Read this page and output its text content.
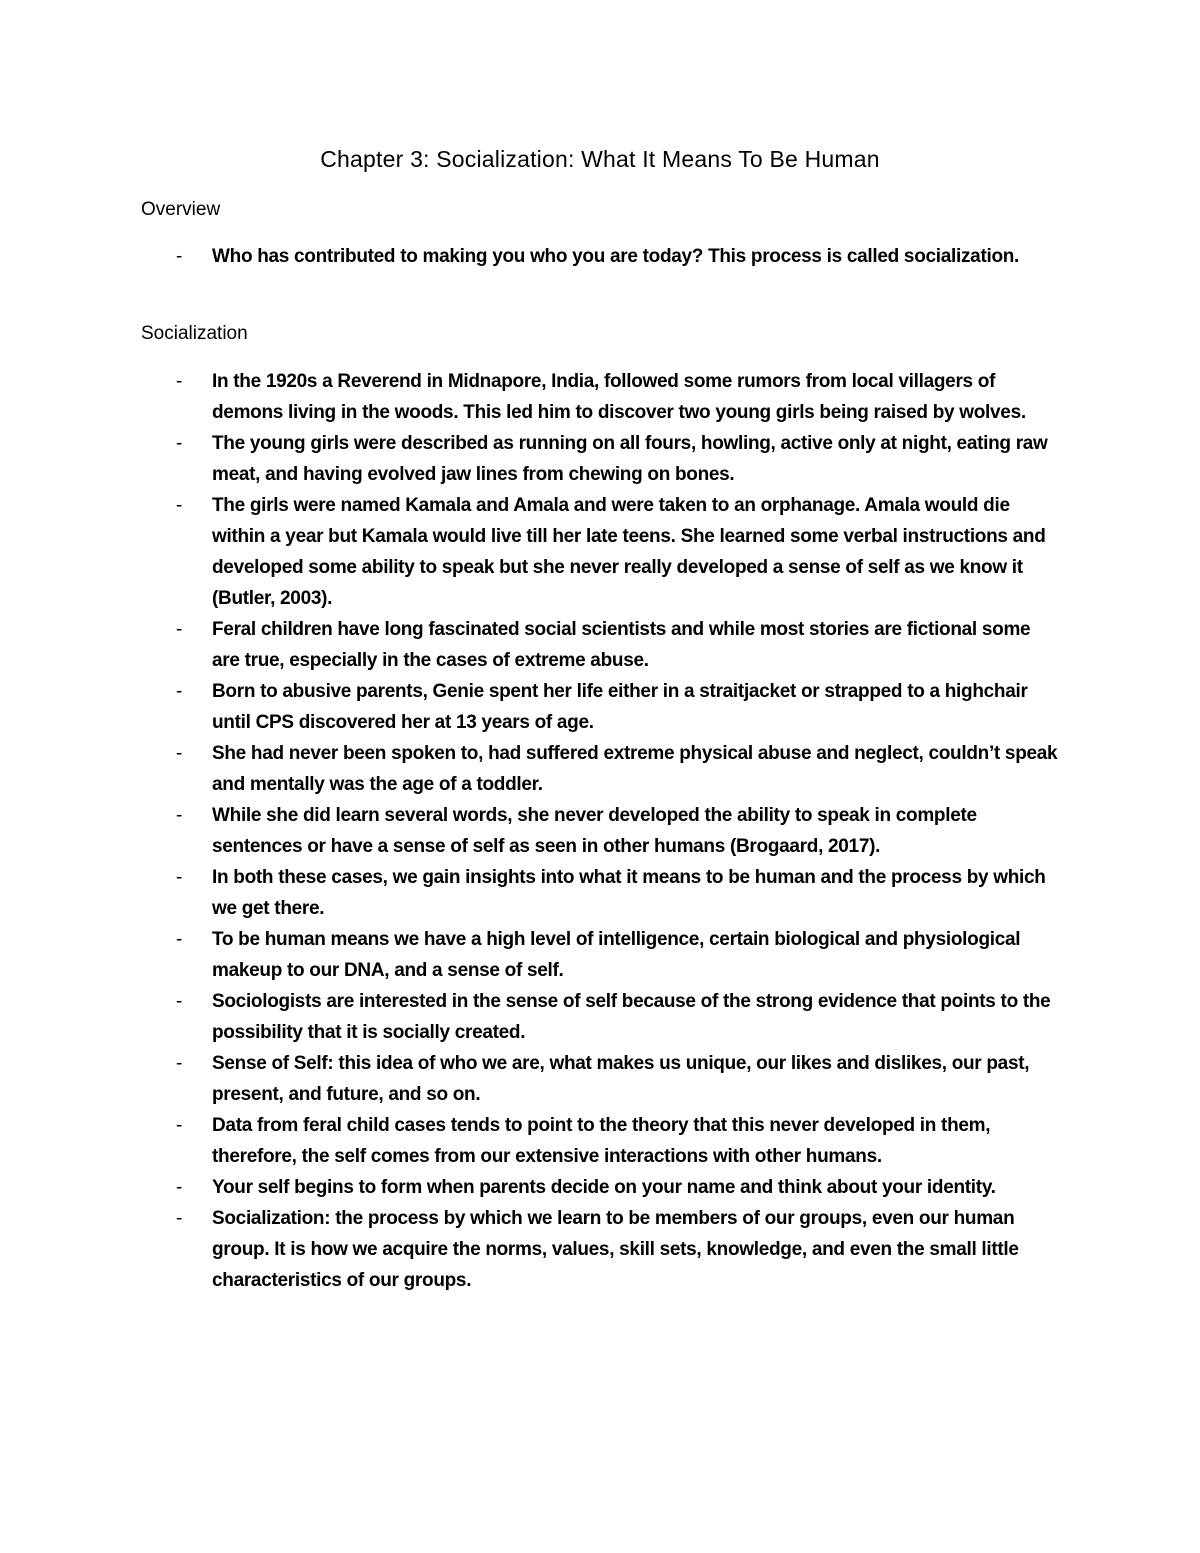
Chapter 3: Socialization: What It Means To Be Human
Overview
- Who has contributed to making you who you are today? This process is called socialization.
Socialization
- In the 1920s a Reverend in Midnapore, India, followed some rumors from local villagers of demons living in the woods. This led him to discover two young girls being raised by wolves.
- The young girls were described as running on all fours, howling, active only at night, eating raw meat, and having evolved jaw lines from chewing on bones.
- The girls were named Kamala and Amala and were taken to an orphanage. Amala would die within a year but Kamala would live till her late teens. She learned some verbal instructions and developed some ability to speak but she never really developed a sense of self as we know it (Butler, 2003).
- Feral children have long fascinated social scientists and while most stories are fictional some are true, especially in the cases of extreme abuse.
- Born to abusive parents, Genie spent her life either in a straitjacket or strapped to a highchair until CPS discovered her at 13 years of age.
- She had never been spoken to, had suffered extreme physical abuse and neglect, couldn’t speak and mentally was the age of a toddler.
- While she did learn several words, she never developed the ability to speak in complete sentences or have a sense of self as seen in other humans (Brogaard, 2017).
- In both these cases, we gain insights into what it means to be human and the process by which we get there.
- To be human means we have a high level of intelligence, certain biological and physiological makeup to our DNA, and a sense of self.
- Sociologists are interested in the sense of self because of the strong evidence that points to the possibility that it is socially created.
- Sense of Self: this idea of who we are, what makes us unique, our likes and dislikes, our past, present, and future, and so on.
- Data from feral child cases tends to point to the theory that this never developed in them, therefore, the self comes from our extensive interactions with other humans.
- Your self begins to form when parents decide on your name and think about your identity.
- Socialization: the process by which we learn to be members of our groups, even our human group. It is how we acquire the norms, values, skill sets, knowledge, and even the small little characteristics of our groups.
